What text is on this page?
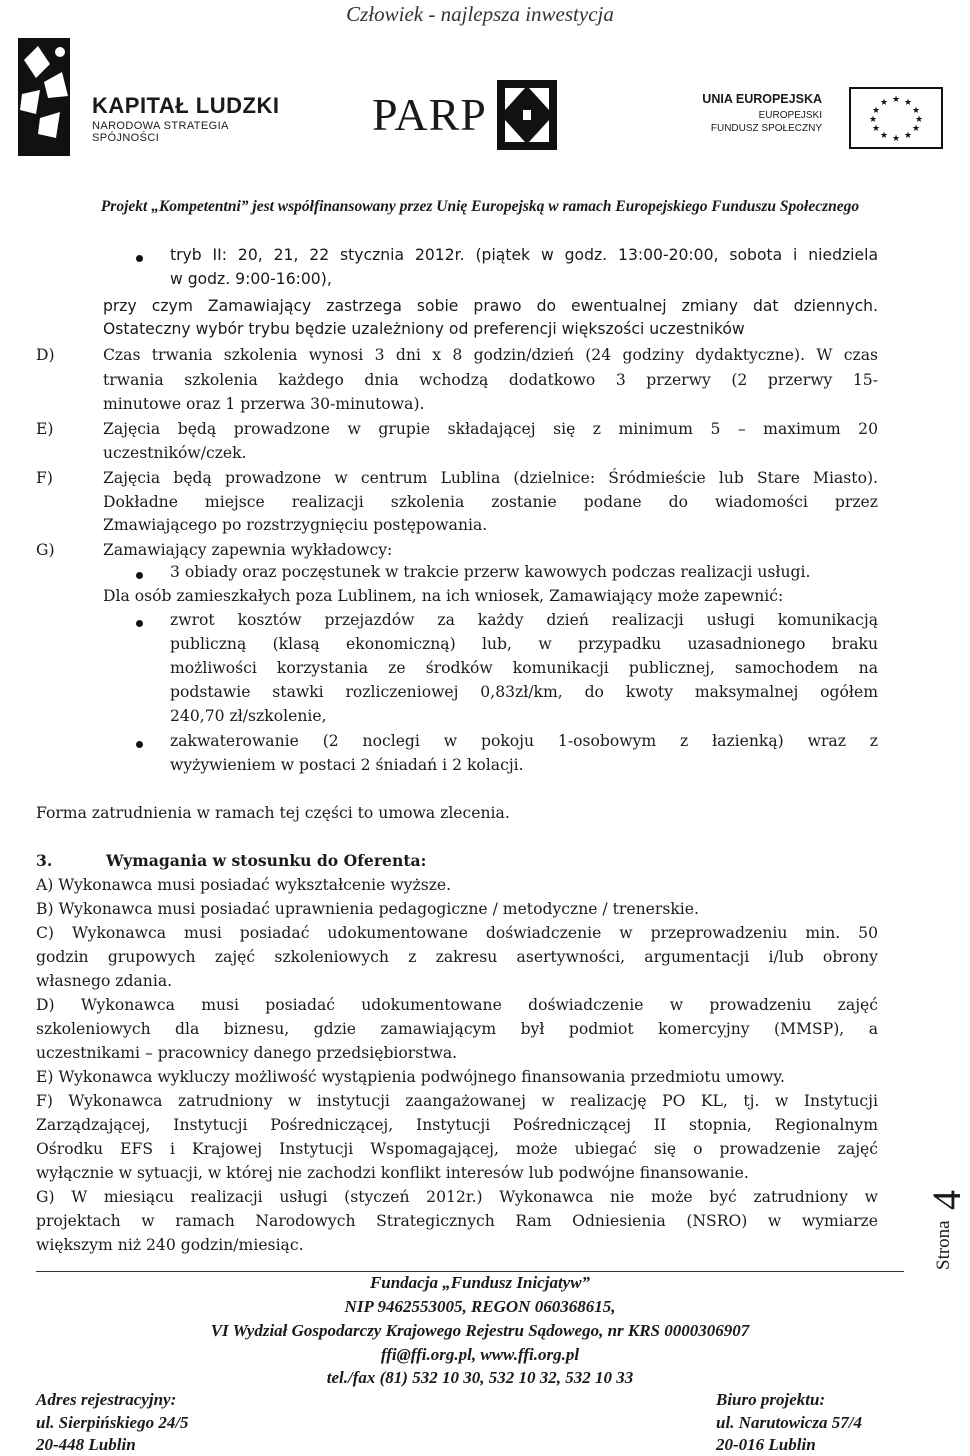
Człowiek - najlepsza inwestycja
KAPITAŁ LUDZKI
NARODOWA STRATEGIA SPÓJNOŚCI	PARP	UNIA EUROPEJSKA
EUROPEJSKI
FUNDUSZ SPOŁECZNY
★ ★
★
★
★
★
★
★
★
★
★
★
Projekt „Kompetentni” jest współfinansowany przez Unię Europejską w ramach Europejskiego Funduszu Społecznego
tryb II: 20, 21, 22 stycznia 2012r. (piątek w godz. 13:00-20:00, sobota i niedziela
w godz. 9:00-16:00),
przy czym Zamawiający zastrzega sobie prawo do ewentualnej zmiany dat dziennych.
Ostateczny wybór trybu będzie uzależniony od preferencji większości uczestników
D)	Czas trwania szkolenia wynosi 3 dni x 8 godzin/dzień (24 godziny dydaktyczne). W czas
trwania szkolenia każdego dnia wchodzą dodatkowo 3 przerwy (2 przerwy 15-
minutowe oraz 1 przerwa 30-minutowa).
E)	Zajęcia będą prowadzone w grupie składającej się z minimum 5 – maximum 20
uczestników/czek.
F)	Zajęcia będą prowadzone w centrum Lublina (dzielnice: Śródmieście lub Stare Miasto).
Dokładne miejsce realizacji szkolenia zostanie podane do wiadomości przez
Zmawiającego po rozstrzygnięciu postępowania.
G)	Zamawiający zapewnia wykładowcy:
3 obiady oraz poczęstunek w trakcie przerw kawowych podczas realizacji usługi.
Dla osób zamieszkałych poza Lublinem, na ich wniosek, Zamawiający może zapewnić:
zwrot kosztów przejazdów za każdy dzień realizacji usługi komunikacją
publiczną (klasą ekonomiczną) lub, w przypadku uzasadnionego braku
możliwości korzystania ze środków komunikacji publicznej, samochodem na
podstawie stawki rozliczeniowej 0,83zł/km, do kwoty maksymalnej ogółem
240,70 zł/szkolenie,
zakwaterowanie (2 noclegi w pokoju 1-osobowym z łazienką) wraz z
wyżywieniem w postaci 2 śniadań i 2 kolacji.
Forma zatrudnienia w ramach tej części to umowa zlecenia.
3.	Wymagania w stosunku do Oferenta:
A) Wykonawca musi posiadać wykształcenie wyższe.
B) Wykonawca musi posiadać uprawnienia pedagogiczne / metodyczne / trenerskie.
C) Wykonawca musi posiadać udokumentowane doświadczenie w przeprowadzeniu min. 50
godzin grupowych zajęć szkoleniowych z zakresu asertywności, argumentacji i/lub obrony
własnego zdania.
D) Wykonawca musi posiadać udokumentowane doświadczenie w prowadzeniu zajęć
szkoleniowych dla biznesu, gdzie zamawiającym był podmiot komercyjny (MMSP), a
uczestnikami – pracownicy danego przedsiębiorstwa.
E) Wykonawca wykluczy możliwość wystąpienia podwójnego finansowania przedmiotu umowy.
F) Wykonawca zatrudniony w instytucji zaangażowanej w realizację PO KL, tj. w Instytucji
Zarządzającej, Instytucji Pośredniczącej, Instytucji Pośredniczącej II stopnia, Regionalnym
Ośrodku EFS i Krajowej Instytucji Wspomagającej, może ubiegać się o prowadzenie zajęć
wyłącznie w sytuacji, w której nie zachodzi konflikt interesów lub podwójne finansowanie.
G) W miesiącu realizacji usługi (styczeń 2012r.) Wykonawca nie może być zatrudniony w
projektach w ramach Narodowych Strategicznych Ram Odniesienia (NSRO) w wymiarze
większym niż 240 godzin/miesiąc.	Strona
4
Fundacja „Fundusz Inicjatyw”
NIP 9462553005, REGON 060368615,
VI Wydział Gospodarczy Krajowego Rejestru Sądowego, nr KRS 0000306907
ffi@ffi.org.pl, www.ffi.org.pl
tel./fax (81) 532 10 30, 532 10 32, 532 10 33
Adres rejestracyjny:
ul. Sierpińskiego 24/5
20-448 Lublin
Biuro projektu:
ul. Narutowicza 57/4
20-016 Lublin
